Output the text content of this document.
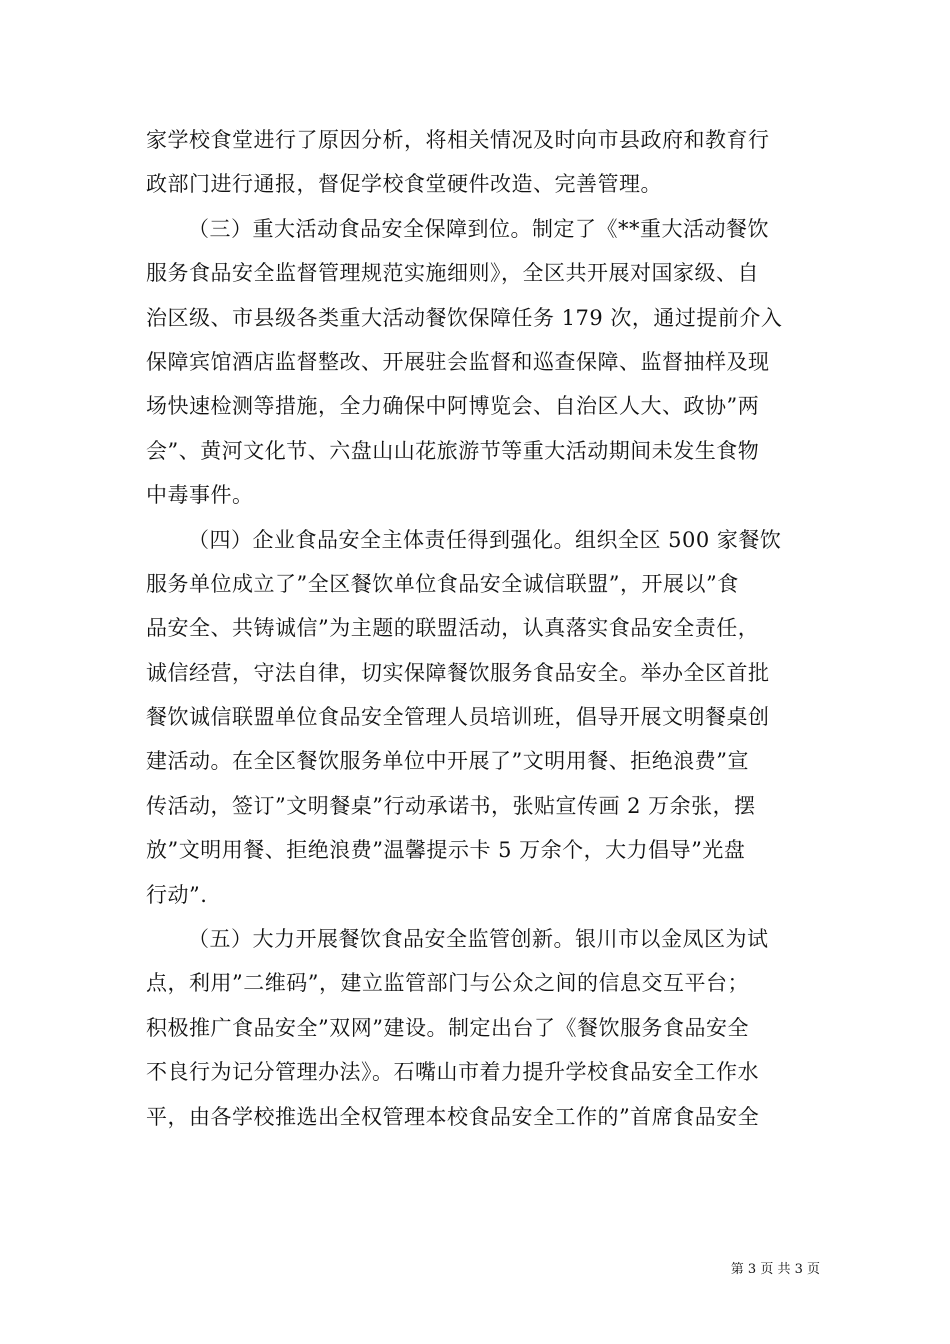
家学校食堂进行了原因分析，将相关情况及时向市县政府和教育行
政部门进行通报，督促学校食堂硬件改造、完善管理。
（三）重大活动食品安全保障到位。制定了《**重大活动餐饮
服务食品安全监督管理规范实施细则》，全区共开展对国家级、自
治区级、市县级各类重大活动餐饮保障任务 179 次，通过提前介入
保障宾馆酒店监督整改、开展驻会监督和巡查保障、监督抽样及现
场快速检测等措施，全力确保中阿博览会、自治区人大、政协”两
会”、黄河文化节、六盘山山花旅游节等重大活动期间未发生食物
中毒事件。
（四）企业食品安全主体责任得到强化。组织全区 500 家餐饮
服务单位成立了”全区餐饮单位食品安全诚信联盟”，开展以”食
品安全、共铸诚信”为主题的联盟活动，认真落实食品安全责任，
诚信经营，守法自律，切实保障餐饮服务食品安全。举办全区首批
餐饮诚信联盟单位食品安全管理人员培训班，倡导开展文明餐桌创
建活动。在全区餐饮服务单位中开展了”文明用餐、拒绝浪费”宣
传活动，签订”文明餐桌”行动承诺书，张贴宣传画 2 万余张，摆
放”文明用餐、拒绝浪费”温馨提示卡 5 万余个，大力倡导”光盘
行动”.
（五）大力开展餐饮食品安全监管创新。银川市以金凤区为试
点，利用”二维码”，建立监管部门与公众之间的信息交互平台；
积极推广食品安全”双网”建设。制定出台了《餐饮服务食品安全
不良行为记分管理办法》。石嘴山市着力提升学校食品安全工作水
平，由各学校推选出全权管理本校食品安全工作的”首席食品安全
第 3 页 共 3 页
